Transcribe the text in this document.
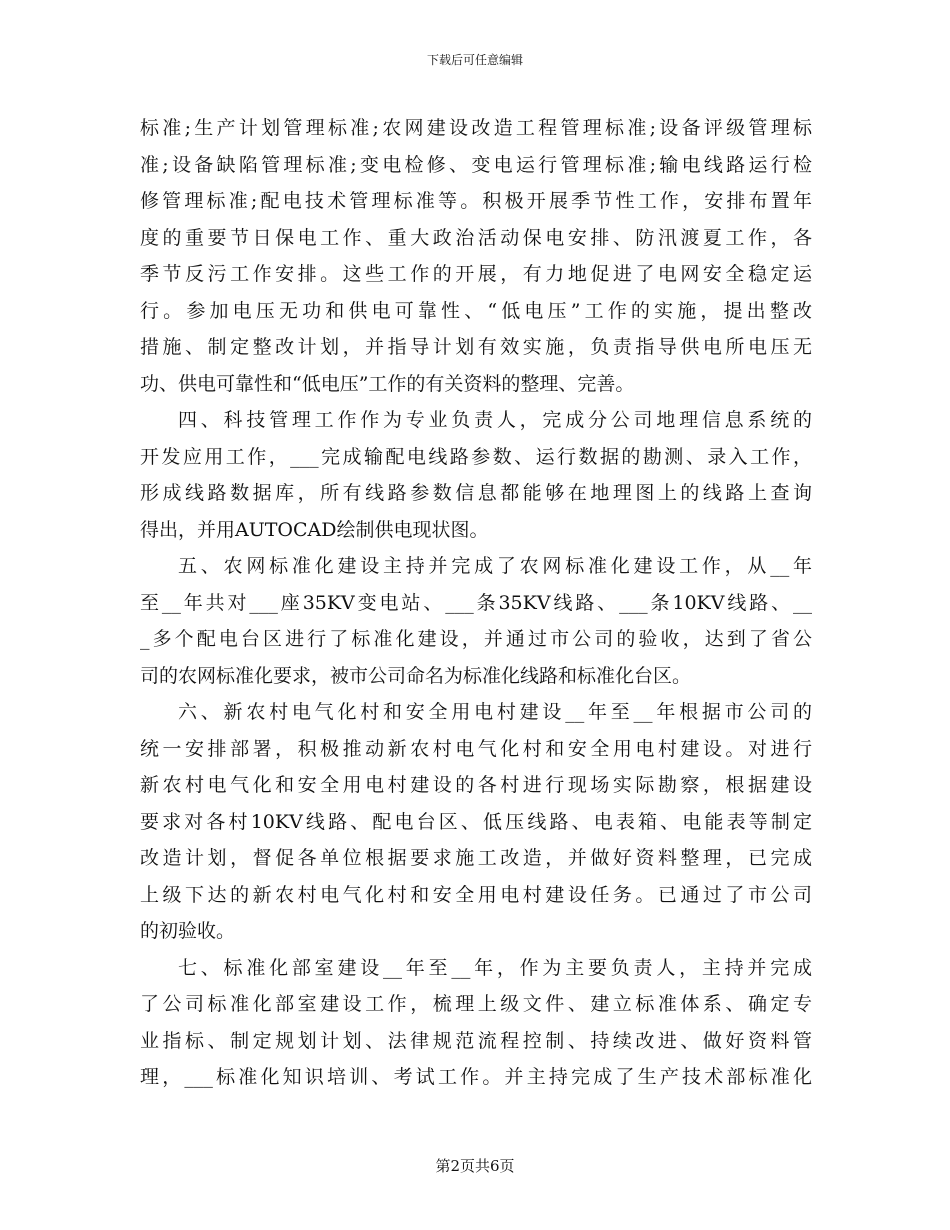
下载后可任意编辑
标准;生产计划管理标准;农网建设改造工程管理标准;设备评级管理标
准;设备缺陷管理标准;变电检修、变电运行管理标准;输电线路运行检
修管理标准;配电技术管理标准等。积极开展季节性工作，安排布置年
度的重要节日保电工作、重大政治活动保电安排、防汛渡夏工作，各
季节反污工作安排。这些工作的开展，有力地促进了电网安全稳定运
行。参加电压无功和供电可靠性、“低电压”工作的实施，提出整改
措施、制定整改计划，并指导计划有效实施，负责指导供电所电压无
功、供电可靠性和“低电压”工作的有关资料的整理、完善。
四、科技管理工作作为专业负责人，完成分公司地理信息系统的
开发应用工作，___完成输配电线路参数、运行数据的勘测、录入工作，
形成线路数据库，所有线路参数信息都能够在地理图上的线路上查询
得出，并用AUTOCAD绘制供电现状图。
五、农网标准化建设主持并完成了农网标准化建设工作，从__年
至__年共对___座35KV变电站、___条35KV线路、___条10KV线路、__
_多个配电台区进行了标准化建设，并通过市公司的验收，达到了省公
司的农网标准化要求，被市公司命名为标准化线路和标准化台区。
六、新农村电气化村和安全用电村建设__年至__年根据市公司的
统一安排部署，积极推动新农村电气化村和安全用电村建设。对进行
新农村电气化和安全用电村建设的各村进行现场实际勘察，根据建设
要求对各村10KV线路、配电台区、低压线路、电表箱、电能表等制定
改造计划，督促各单位根据要求施工改造，并做好资料整理，已完成
上级下达的新农村电气化村和安全用电村建设任务。已通过了市公司
的初验收。
七、标准化部室建设__年至__年，作为主要负责人，主持并完成
了公司标准化部室建设工作，梳理上级文件、建立标准体系、确定专
业指标、制定规划计划、法律规范流程控制、持续改进、做好资料管
理，___标准化知识培训、考试工作。并主持完成了生产技术部标准化
第2页共6页
